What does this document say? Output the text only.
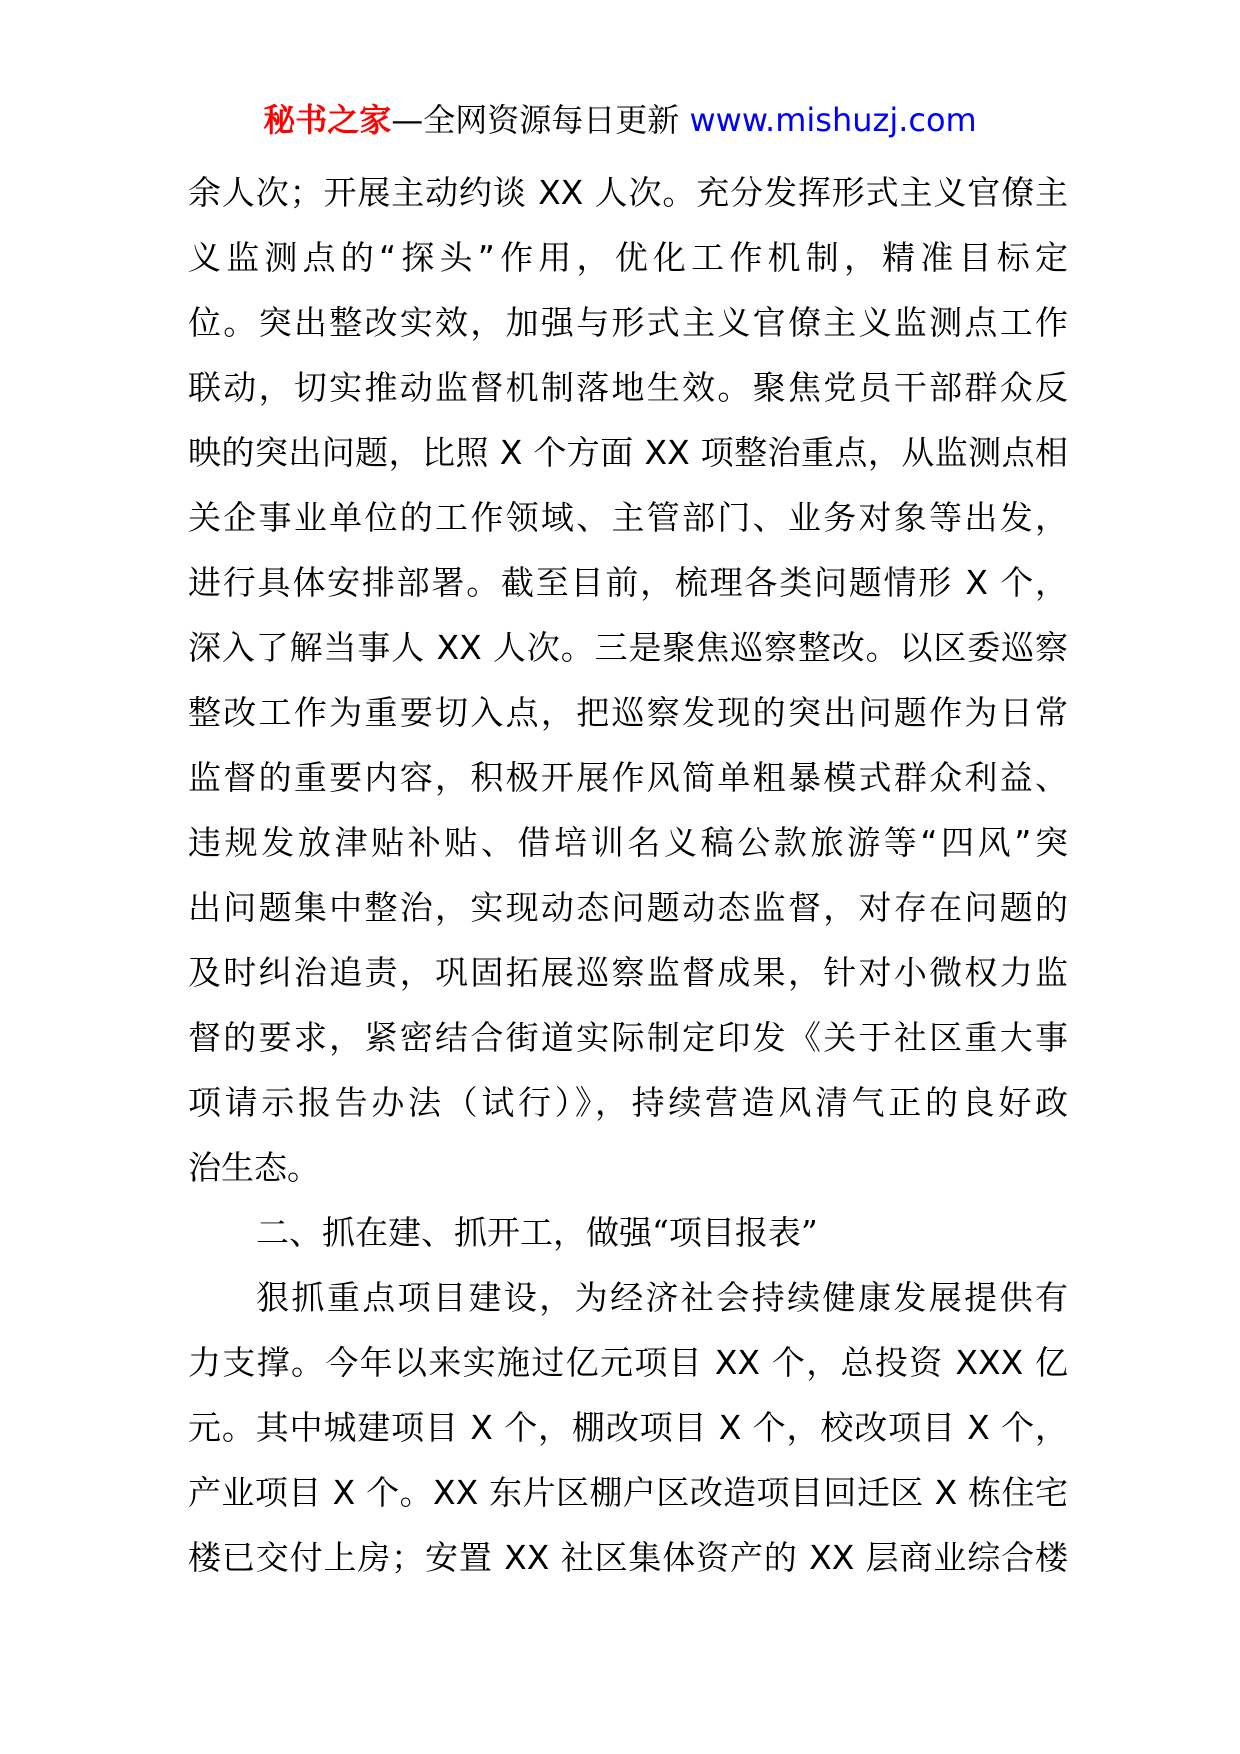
秘书之家—全网资源每日更新 www.mishuzj.com
余人次；开展主动约谈 XX 人次。充分发挥形式主义官僚主
义监测点的“探头”作用，优化工作机制，精准目标定
位。突出整改实效，加强与形式主义官僚主义监测点工作
联动，切实推动监督机制落地生效。聚焦党员干部群众反
映的突出问题，比照 X 个方面 XX 项整治重点，从监测点相
关企事业单位的工作领域、主管部门、业务对象等出发，
进行具体安排部署。截至目前，梳理各类问题情形 X 个，
深入了解当事人 XX 人次。三是聚焦巡察整改。以区委巡察
整改工作为重要切入点，把巡察发现的突出问题作为日常
监督的重要内容，积极开展作风简单粗暴模式群众利益、
违规发放津贴补贴、借培训名义稿公款旅游等“四风”突
出问题集中整治，实现动态问题动态监督，对存在问题的
及时纠治追责，巩固拓展巡察监督成果，针对小微权力监
督的要求，紧密结合街道实际制定印发《关于社区重大事
项请示报告办法（试行）》，持续营造风清气正的良好政
治生态。
二、抓在建、抓开工，做强“项目报表”
狠抓重点项目建设，为经济社会持续健康发展提供有
力支撑。今年以来实施过亿元项目 XX 个，总投资 XXX 亿
元。其中城建项目 X 个，棚改项目 X 个，校改项目 X 个，
产业项目 X 个。XX 东片区棚户区改造项目回迁区 X 栋住宅
楼已交付上房；安置 XX 社区集体资产的 XX 层商业综合楼
